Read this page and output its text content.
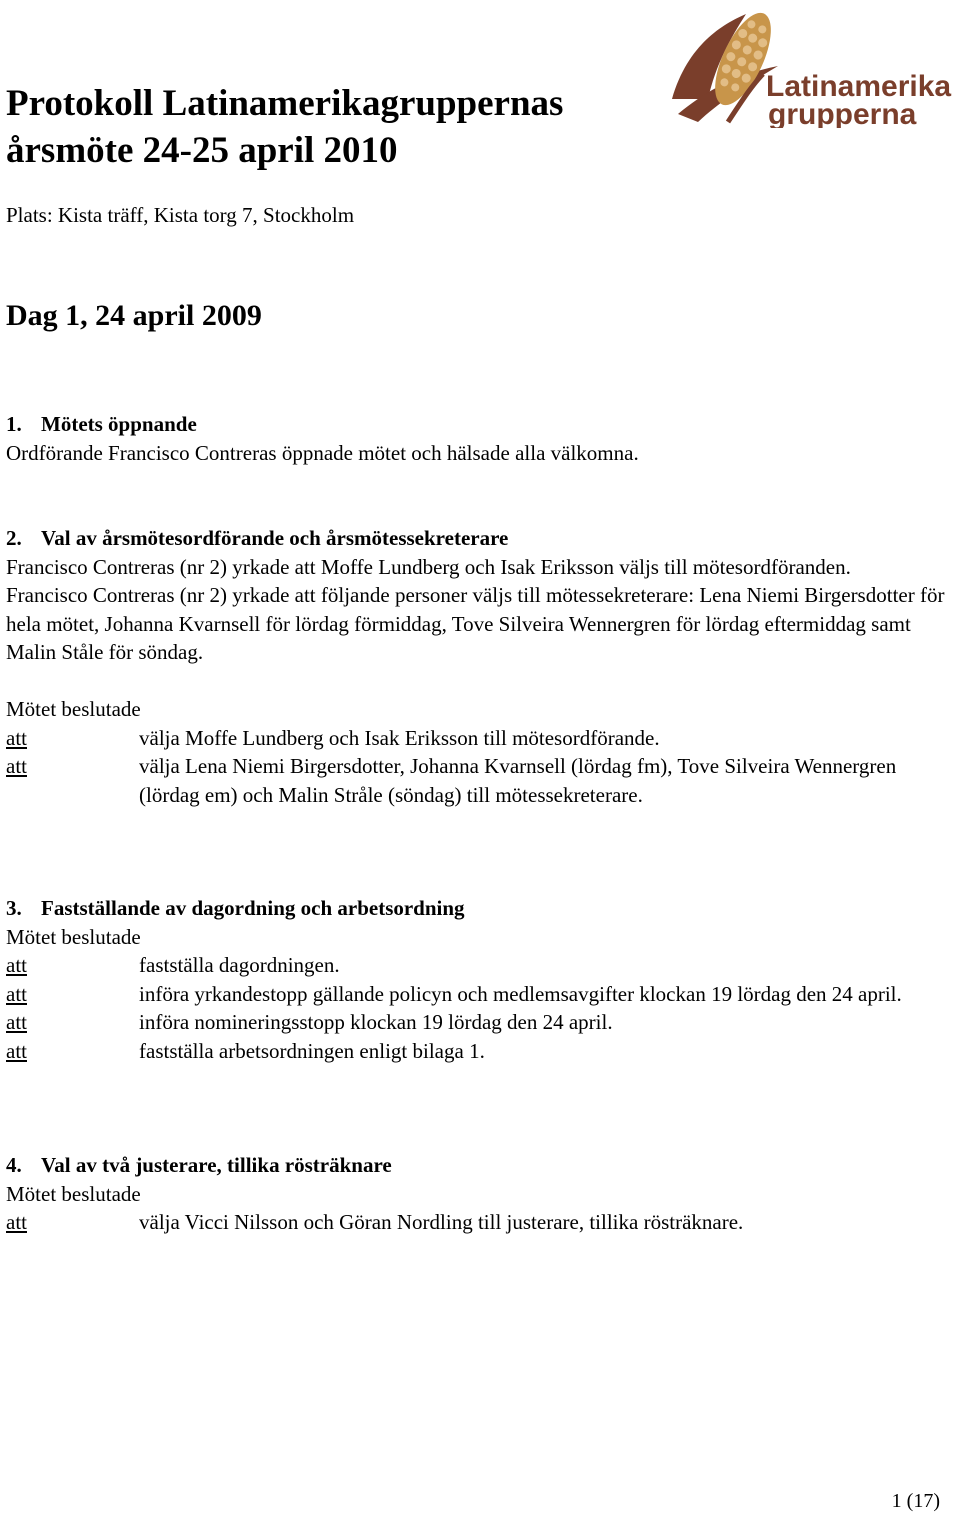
Latinamerika
grupperna
Protokoll Latinamerikagruppernas årsmöte 24-25 april 2010

Plats: Kista träff, Kista torg 7, Stockholm

Dag 1, 24 april 2009

1. Mötets öppnande

Ordförande Francisco Contreras öppnade mötet och hälsade alla välkomna.

2. Val av årsmötesordförande och årsmötessekreterare

Francisco Contreras (nr 2) yrkade att Moffe Lundberg och Isak Eriksson väljs till mötesordföranden.

Francisco Contreras (nr 2) yrkade att följande personer väljs till mötessekreterare: Lena Niemi Birgersdotter för hela mötet, Johanna Kvarnsell för lördag förmiddag, Tove Silveira Wennergren för lördag eftermiddag samt Malin Ståle för söndag.

Mötet beslutade

att	välja Moffe Lundberg och Isak Eriksson till mötesordförande.
att	välja Lena Niemi Birgersdotter, Johanna Kvarnsell (lördag fm), Tove Silveira Wennergren (lördag em) och Malin Stråle (söndag) till mötessekreterare.

3. Fastställande av dagordning och arbetsordning

Mötet beslutade

att	fastställa dagordningen.
att	införa yrkandestopp gällande policyn och medlemsavgifter klockan 19 lördag den 24 april.
att	införa nomineringsstopp klockan 19 lördag den 24 april.
att	fastställa arbetsordningen enligt bilaga 1.

4. Val av två justerare, tillika rösträknare

Mötet beslutade

att	välja Vicci Nilsson och Göran Nordling till justerare, tillika rösträknare.
1 (17)
